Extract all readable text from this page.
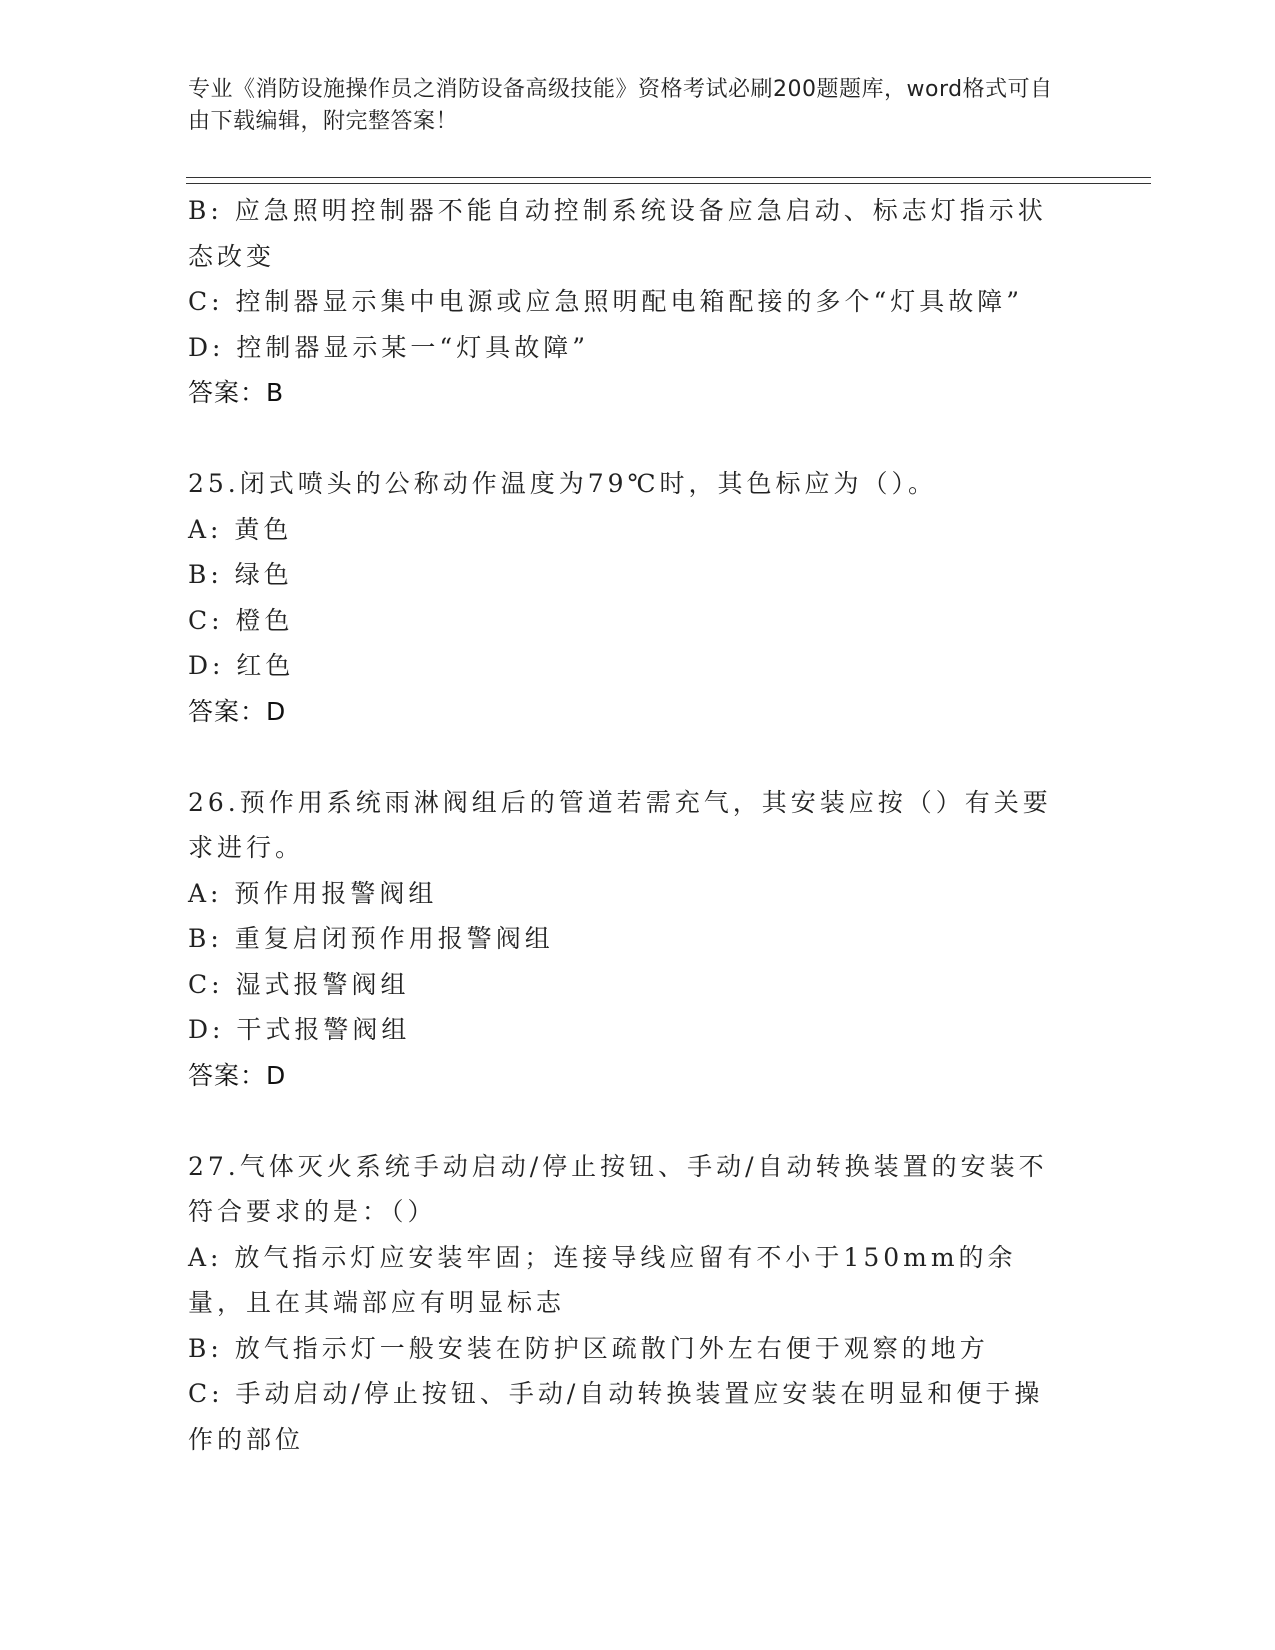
专业《消防设施操作员之消防设备高级技能》资格考试必刷200题题库，word格式可自由下载编辑，附完整答案！
B: 应急照明控制器不能自动控制系统设备应急启动、标志灯指示状态改变
C: 控制器显示集中电源或应急照明配电箱配接的多个“灯具故障”
D: 控制器显示某一“灯具故障”
答案：B
25.闭式喷头的公称动作温度为79℃时，其色标应为（）。
A: 黄色
B: 绿色
C: 橙色
D: 红色
答案：D
26.预作用系统雨淋阀组后的管道若需充气，其安装应按（）有关要求进行。
A: 预作用报警阀组
B: 重复启闭预作用报警阀组
C: 湿式报警阀组
D: 干式报警阀组
答案：D
27.气体灭火系统手动启动/停止按钮、手动/自动转换装置的安装不符合要求的是：（）
A: 放气指示灯应安装牢固；连接导线应留有不小于150mm的余量，且在其端部应有明显标志
B: 放气指示灯一般安装在防护区疏散门外左右便于观察的地方
C: 手动启动/停止按钮、手动/自动转换装置应安装在明显和便于操作的部位
